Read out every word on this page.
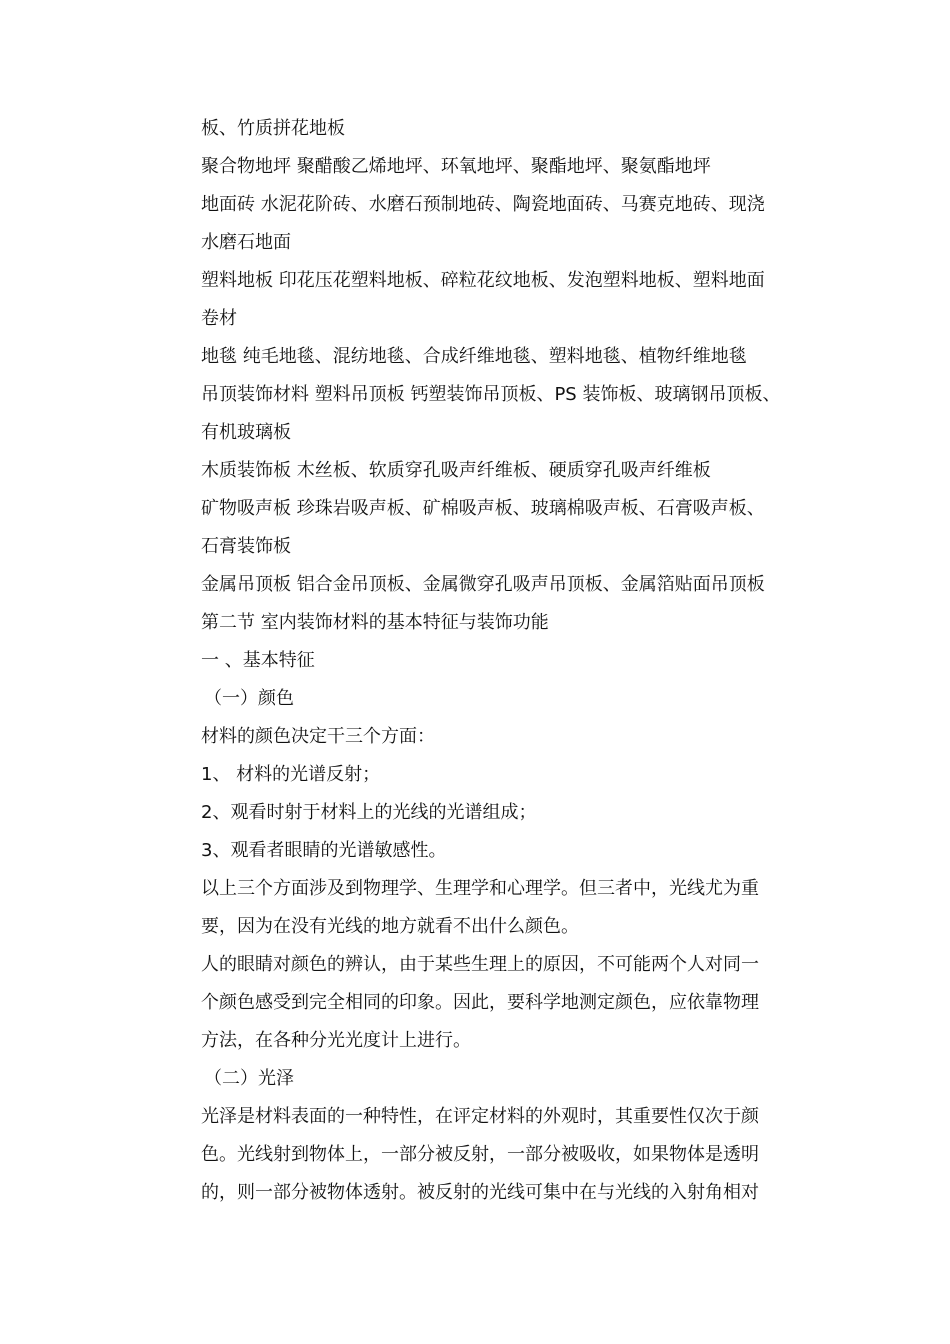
板、竹质拼花地板
聚合物地坪 聚醋酸乙烯地坪、环氧地坪、聚酯地坪、聚氨酯地坪
地面砖 水泥花阶砖、水磨石预制地砖、陶瓷地面砖、马赛克地砖、现浇
水磨石地面
塑料地板 印花压花塑料地板、碎粒花纹地板、发泡塑料地板、塑料地面
卷材
地毯 纯毛地毯、混纺地毯、合成纤维地毯、塑料地毯、植物纤维地毯
吊顶装饰材料 塑料吊顶板 钙塑装饰吊顶板、PS 装饰板、玻璃钢吊顶板、
有机玻璃板
木质装饰板 木丝板、软质穿孔吸声纤维板、硬质穿孔吸声纤维板
矿物吸声板 珍珠岩吸声板、矿棉吸声板、玻璃棉吸声板、石膏吸声板、
石膏装饰板
金属吊顶板 铝合金吊顶板、金属微穿孔吸声吊顶板、金属箔贴面吊顶板
第二节 室内装饰材料的基本特征与装饰功能
一 、基本特征
（一）颜色
材料的颜色决定干三个方面：
1、 材料的光谱反射；
2、观看时射于材料上的光线的光谱组成；
3、观看者眼睛的光谱敏感性。
以上三个方面涉及到物理学、生理学和心理学。但三者中，光线尤为重
要，因为在没有光线的地方就看不出什么颜色。
人的眼睛对颜色的辨认，由于某些生理上的原因，不可能两个人对同一
个颜色感受到完全相同的印象。因此，要科学地测定颜色，应依靠物理
方法，在各种分光光度计上进行。
（二）光泽
光泽是材料表面的一种特性，在评定材料的外观时，其重要性仅次于颜
色。光线射到物体上，一部分被反射，一部分被吸收，如果物体是透明
的，则一部分被物体透射。被反射的光线可集中在与光线的入射角相对
